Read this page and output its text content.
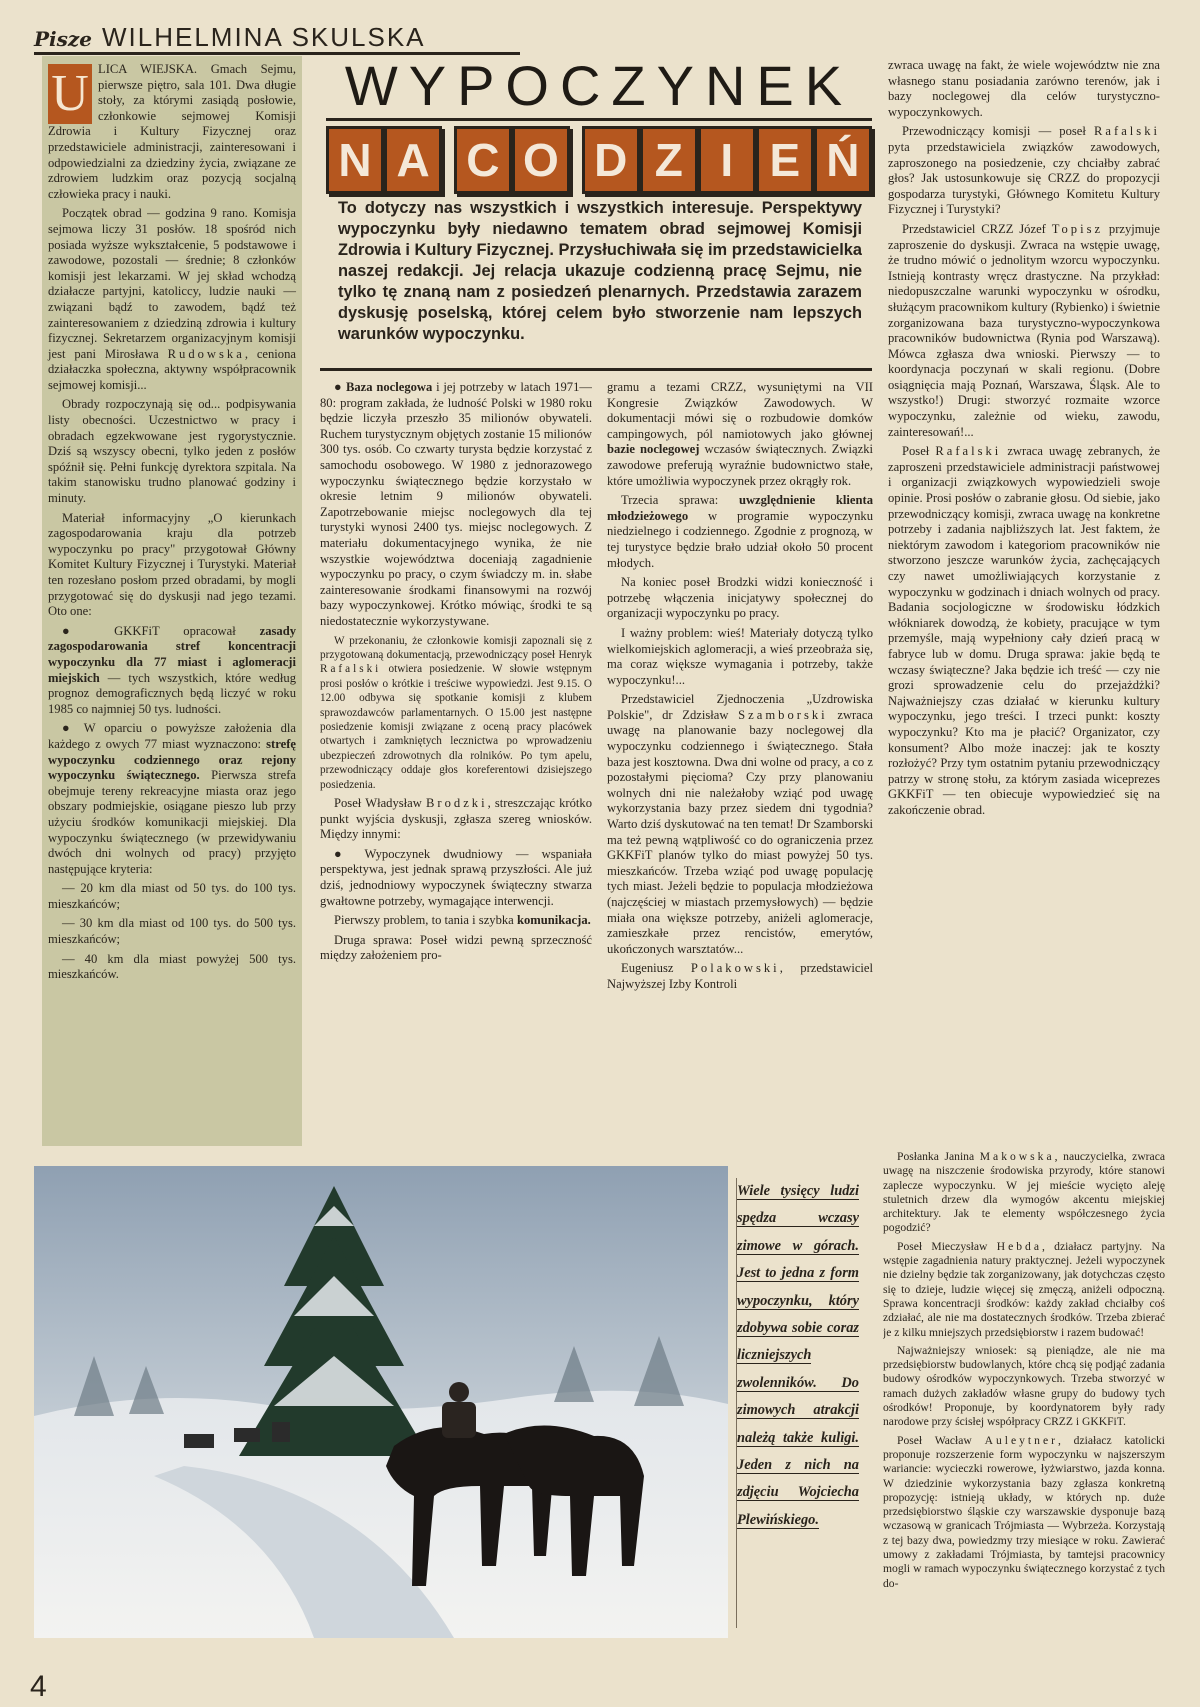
Pisze WILHELMINA SKULSKA
U LICA WIEJSKA. Gmach Sejmu, pierwsze piętro, sala 101. Dwa długie stoły, za którymi zasiądą posłowie, członkowie sejmowej Komisji Zdrowia i Kultury Fizycznej oraz przedstawiciele administracji, zainteresowani i odpowiedzialni za dziedziny życia, związane ze zdrowiem ludzkim oraz pozycją socjalną człowieka pracy i nauki.

Początek obrad — godzina 9 rano. Komisja sejmowa liczy 31 posłów. 18 spośród nich posiada wyższe wykształcenie, 5 podstawowe i zawodowe, pozostali — średnie; 8 członków komisji jest lekarzami. W jej skład wchodzą działacze partyjni, katoliccy, ludzie nauki — związani bądź to zawodem, bądź też zainteresowaniem z dziedziną zdrowia i kultury fizycznej. Sekretarzem organizacyjnym komisji jest pani Mirosława Rudowska, ceniona działaczka społeczna, aktywny współpracownik sejmowej komisji...

Obrady rozpoczynają się od... podpisywania listy obecności. Uczestnictwo w pracy i obradach egzekwowane jest rygorystycznie. Dziś są wszyscy obecni, tylko jeden z posłów spóźnił się. Pełni funkcję dyrektora szpitala. Na takim stanowisku trudno planować godziny i minuty.

Materiał informacyjny „O kierunkach zagospodarowania kraju dla potrzeb wypoczynku po pracy" przygotował Główny Komitet Kultury Fizycznej i Turystyki. Materiał ten rozesłano posłom przed obradami, by mogli przygotować się do dyskusji nad jego tezami. Oto one:

● GKKFiT opracował zasady zagospodarowania stref koncentracji wypoczynku dla 77 miast i aglomeracji miejskich — tych wszystkich, które według prognoz demograficznych będą liczyć w roku 1985 co najmniej 50 tys. ludności.

● W oparciu o powyższe założenia dla każdego z owych 77 miast wyznaczono: strefę wypoczynku codziennego oraz rejony wypoczynku świątecznego. Pierwsza strefa obejmuje tereny rekreacyjne miasta oraz jego obszary podmiejskie, osiągane pieszo lub przy użyciu środków komunikacji miejskiej. Dla wypoczynku świątecznego (w przewidywaniu dwóch dni wolnych od pracy) przyjęto następujące kryteria:

— 20 km dla miast od 50 tys. do 100 tys. mieszkańców;

— 30 km dla miast od 100 tys. do 500 tys. mieszkańców;

— 40 km dla miast powyżej 500 tys. mieszkańców.

WYPOCZYNEK
N A C O D Z I E Ń
To dotyczy nas wszystkich i wszystkich interesuje. Perspektywy wypoczynku były niedawno tematem obrad sejmowej Komisji Zdrowia i Kultury Fizycznej. Przysłuchiwała się im przedstawicielka naszej redakcji. Jej relacja ukazuje codzienną pracę Sejmu, nie tylko tę znaną nam z posiedzeń plenarnych. Przedstawia zarazem dyskusję poselską, której celem było stworzenie nam lepszych warunków wypoczynku.

● Baza noclegowa i jej potrzeby w latach 1971—80: program zakłada, że ludność Polski w 1980 roku będzie liczyła przeszło 35 milionów obywateli. Ruchem turystycznym objętych zostanie 15 milionów 300 tys. osób. Co czwarty turysta będzie korzystać z samochodu osobowego. W 1980 z jednorazowego wypoczynku świątecznego będzie korzystało w okresie letnim 9 milionów obywateli. Zapotrzebowanie miejsc noclegowych dla tej turystyki wynosi 2400 tys. miejsc noclegowych. Z materiału dokumentacyjnego wynika, że nie wszystkie województwa doceniają zagadnienie wypoczynku po pracy, o czym świadczy m. in. słabe zainteresowanie środkami finansowymi na rozwój bazy wypoczynkowej. Krótko mówiąc, środki te są niedostatecznie wykorzystywane.

W przekonaniu, że członkowie komisji zapoznali się z przygotowaną dokumentacją, przewodniczący poseł Henryk Rafalski otwiera posiedzenie. W słowie wstępnym prosi posłów o krótkie i treściwe wypowiedzi. Jest 9.15. O 12.00 odbywa się spotkanie komisji z klubem sprawozdawców parlamentarnych. O 15.00 jest następne posiedzenie komisji związane z oceną pracy placówek otwartych i zamkniętych lecznictwa po wprowadzeniu ubezpieczeń zdrowotnych dla rolników. Po tym apelu, przewodniczący oddaje głos koreferentowi dzisiejszego posiedzenia.

Poseł Władysław Brodzki, streszczając krótko punkt wyjścia dyskusji, zgłasza szereg wniosków. Między innymi:

● Wypoczynek dwudniowy — wspaniała perspektywa, jest jednak sprawą przyszłości. Ale już dziś, jednodniowy wypoczynek świąteczny stwarza gwałtowne potrzeby, wymagające interwencji.

Pierwszy problem, to tania i szybka komunikacja.

Druga sprawa: Poseł widzi pewną sprzeczność między założeniem pro-

gramu a tezami CRZZ, wysuniętymi na VII Kongresie Związków Zawodowych. W dokumentacji mówi się o rozbudowie domków campingowych, pól namiotowych jako głównej bazie noclegowej wczasów świątecznych. Związki zawodowe preferują wyraźnie budownictwo stałe, które umożliwia wypoczynek przez okrągły rok.

Trzecia sprawa: uwzględnienie klienta młodzieżowego w programie wypoczynku niedzielnego i codziennego. Zgodnie z prognozą, w tej turystyce będzie brało udział około 50 procent młodych.

Na koniec poseł Brodzki widzi konieczność i potrzebę włączenia inicjatywy społecznej do organizacji wypoczynku po pracy.

I ważny problem: wieś! Materiały dotyczą tylko wielkomiejskich aglomeracji, a wieś przeobraża się, ma coraz większe wymagania i potrzeby, także wypoczynku!...

Przedstawiciel Zjednoczenia „Uzdrowiska Polskie", dr Zdzisław Szamborski zwraca uwagę na planowanie bazy noclegowej dla wypoczynku codziennego i świątecznego. Stała baza jest kosztowna. Dwa dni wolne od pracy, a co z pozostałymi pięcioma? Czy przy planowaniu wolnych dni nie należałoby wziąć pod uwagę wykorzystania bazy przez siedem dni tygodnia? Warto dziś dyskutować na ten temat! Dr Szamborski ma też pewną wątpliwość co do ograniczenia przez GKKFiT planów tylko do miast powyżej 50 tys. mieszkańców. Trzeba wziąć pod uwagę populację tych miast. Jeżeli będzie to populacja młodzieżowa (najczęściej w miastach przemysłowych) — będzie miała ona większe potrzeby, aniżeli aglomeracje, zamieszkałe przez rencistów, emerytów, ukończonych warsztatów...

Eugeniusz Polakowski, przedstawiciel Najwyższej Izby Kontroli

zwraca uwagę na fakt, że wiele województw nie zna własnego stanu posiadania zarówno terenów, jak i bazy noclegowej dla celów turystyczno-wypoczynkowych.

Przewodniczący komisji — poseł Rafalski pyta przedstawiciela związków zawodowych, zaproszonego na posiedzenie, czy chciałby zabrać głos? Jak ustosunkowuje się CRZZ do propozycji gospodarza turystyki, Głównego Komitetu Kultury Fizycznej i Turystyki?

Przedstawiciel CRZZ Józef Topisz przyjmuje zaproszenie do dyskusji. Zwraca na wstępie uwagę, że trudno mówić o jednolitym wzorcu wypoczynku. Istnieją kontrasty wręcz drastyczne. Na przykład: niedopuszczalne warunki wypoczynku w ośrodku, służącym pracownikom kultury (Rybienko) i świetnie zorganizowana baza turystyczno-wypoczynkowa pracowników budownictwa (Rynia pod Warszawą). Mówca zgłasza dwa wnioski. Pierwszy — to koordynacja poczynań w skali regionu. (Dobre osiągnięcia mają Poznań, Warszawa, Śląsk. Ale to wszystko!) Drugi: stworzyć rozmaite wzorce wypoczynku, zależnie od wieku, zawodu, zainteresowań!...

Poseł Rafalski zwraca uwagę zebranych, że zaproszeni przedstawiciele administracji państwowej i organizacji związkowych wypowiedzieli swoje opinie. Prosi posłów o zabranie głosu. Od siebie, jako przewodniczący komisji, zwraca uwagę na konkretne potrzeby i zadania najbliższych lat. Jest faktem, że niektórym zawodom i kategoriom pracowników nie stworzono jeszcze warunków życia, zachęcających czy nawet umożliwiających korzystanie z wypoczynku w godzinach i dniach wolnych od pracy. Badania socjologiczne w środowisku łódzkich włókniarek dowodzą, że kobiety, pracujące w tym przemyśle, mają wypełniony cały dzień pracą w fabryce lub w domu. Druga sprawa: jakie będą te wczasy świąteczne? Jaka będzie ich treść — czy nie grozi sprowadzenie celu do przejażdżki? Najważniejszy czas działać w kierunku kultury wypoczynku, jego treści. I trzeci punkt: koszty wypoczynku? Kto ma je płacić? Organizator, czy konsument? Albo może inaczej: jak te koszty rozłożyć? Przy tym ostatnim pytaniu przewodniczący patrzy w stronę stołu, za którym zasiada wiceprezes GKKFiT — ten obiecuje wypowiedzieć się na zakończenie obrad.

Posłanka Janina Makowska, nauczycielka, zwraca uwagę na niszczenie środowiska przyrody, które stanowi zaplecze wypoczynku. W jej mieście wycięto aleję stuletnich drzew dla wymogów akcentu miejskiej architektury. Jak te elementy współczesnego życia pogodzić?

Poseł Mieczysław Hebda, działacz partyjny. Na wstępie zagadnienia natury praktycznej. Jeżeli wypoczynek nie dzielny będzie tak zorganizowany, jak dotychczas często się to dzieje, ludzie więcej się zmęczą, aniżeli odpoczną. Sprawa koncentracji środków: każdy zakład chciałby coś zdziałać, ale nie ma dostatecznych środków. Trzeba zbierać je z kilku mniejszych przedsiębiorstw i razem budować!

Najważniejszy wniosek: są pieniądze, ale nie ma przedsiębiorstw budowlanych, które chcą się podjąć zadania budowy ośrodków wypoczynkowych. Trzeba stworzyć w ramach dużych zakładów własne grupy do budowy tych ośrodków! Proponuje, by koordynatorem były rady narodowe przy ścisłej współpracy CRZZ i GKKFiT.

Poseł Wacław Auleytner, działacz katolicki proponuje rozszerzenie form wypoczynku w najszerszym wariancie: wycieczki rowerowe, łyżwiarstwo, jazda konna. W dziedzinie wykorzystania bazy zgłasza konkretną propozycję: istnieją układy, w których np. duże przedsiębiorstwo śląskie czy warszawskie dysponuje bazą wczasową w granicach Trójmiasta — Wybrzeża. Korzystają z tej bazy dwa, powiedzmy trzy miesiące w roku. Zawierać umowy z zakładami Trójmiasta, by tamtejsi pracownicy mogli w ramach wypoczynku świątecznego korzystać z tych do-

Wiele tysięcy ludzi spędza wczasy zimowe w górach. Jest to jedna z form wypoczynku, który zdobywa sobie coraz liczniejszych zwolenników. Do zimowych atrakcji należą także kuligi. Jeden z nich na zdjęciu Wojciecha Plewińskiego.
4
